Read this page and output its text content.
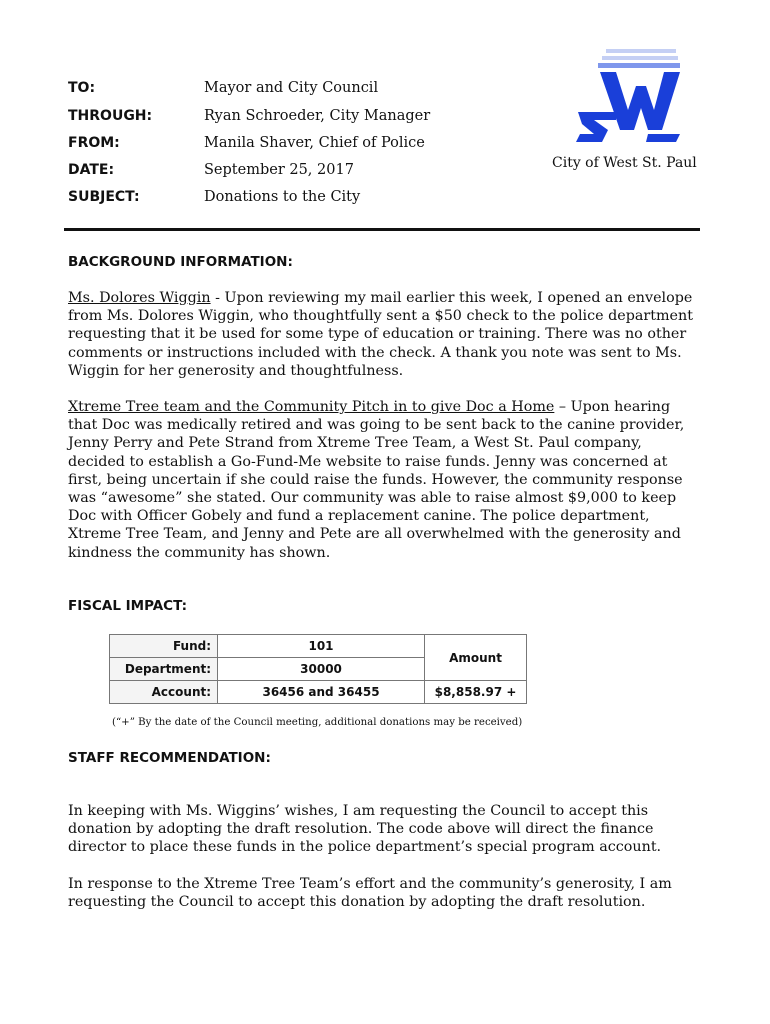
TO:	Mayor and City Council
THROUGH:	Ryan Schroeder, City Manager
FROM:	Manila Shaver, Chief of Police
DATE:	September 25, 2017
SUBJECT:	Donations to the City
City of West St. Paul
BACKGROUND INFORMATION:
Ms. Dolores Wiggin - Upon reviewing my mail earlier this week, I opened an envelope
from Ms. Dolores Wiggin, who thoughtfully sent a $50 check to the police department
requesting that it be used for some type of education or training. There was no other
comments or instructions included with the check. A thank you note was sent to Ms.
Wiggin for her generosity and thoughtfulness.
Xtreme Tree team and the Community Pitch in to give Doc a Home – Upon hearing
that Doc was medically retired and was going to be sent back to the canine provider,
Jenny Perry and Pete Strand from Xtreme Tree Team, a West St. Paul company,
decided to establish a Go-Fund-Me website to raise funds. Jenny was concerned at
first, being uncertain if she could raise the funds. However, the community response
was “awesome” she stated. Our community was able to raise almost $9,000 to keep
Doc with Officer Gobely and fund a replacement canine. The police department,
Xtreme Tree Team, and Jenny and Pete are all overwhelmed with the generosity and
kindness the community has shown.
FISCAL IMPACT:
Fund:	101	Amount
Department:	30000	
Account:	36456 and 36455	$8,858.97 +
(“+” By the date of the Council meeting, additional donations may be received)
STAFF RECOMMENDATION:
In keeping with Ms. Wiggins’ wishes, I am requesting the Council to accept this
donation by adopting the draft resolution. The code above will direct the finance
director to place these funds in the police department’s special program account.
In response to the Xtreme Tree Team’s effort and the community’s generosity, I am
requesting the Council to accept this donation by adopting the draft resolution.
